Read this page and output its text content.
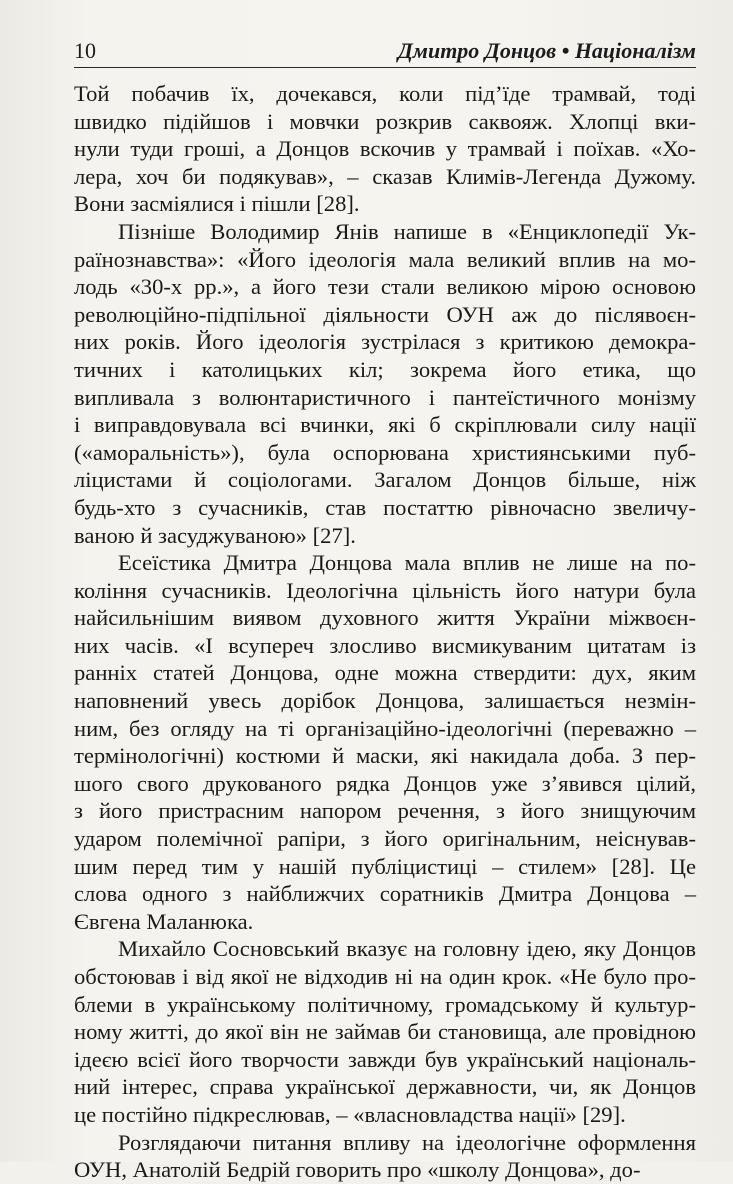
10	Дмитро Донцов • Націоналізм
Той побачив їх, дочекався, коли під’їде трамвай, тоді
швидко підійшов і мовчки розкрив саквояж. Хлопці вки-
нули туди гроші, а Донцов вскочив у трамвай і поїхав. «Хо-
лера, хоч би подякував», – сказав Климів-Легенда Дужому.
Вони засміялися і пішли [28].
Пізніше Володимир Янів напише в «Енциклопедії Ук-
раїнознавства»: «Його ідеологія мала великий вплив на мо-
лодь «30-х рр.», а його тези стали великою мірою основою
революційно-підпільної діяльности ОУН аж до післявоєн-
них років. Його ідеологія зустрілася з критикою демокра-
тичних і католицьких кіл; зокрема його етика, що
випливала з волюнтаристичного і пантеїстичного монізму
і виправдовувала всі вчинки, які б скріплювали силу нації
(«аморальність»), була оспорювана християнськими пуб-
ліцистами й соціологами. Загалом Донцов більше, ніж
будь-хто з сучасників, став постаттю рівночасно звеличу-
ваною й засуджуваною» [27].
Есеїстика Дмитра Донцова мала вплив не лише на по-
коління сучасників. Ідеологічна цільність його натури була
найсильнішим виявом духовного життя України міжвоєн-
них часів. «І всупереч злосливо висмикуваним цитатам із
ранніх статей Донцова, одне можна ствердити: дух, яким
наповнений увесь дорібок Донцова, залишається незмін-
ним, без огляду на ті організаційно-ідеологічні (переважно –
термінологічні) костюми й маски, які накидала доба. З пер-
шого свого друкованого рядка Донцов уже з’явився цілий,
з його пристрасним напором речення, з його знищуючим
ударом полемічної рапіри, з його оригінальним, неіснував-
шим перед тим у нашій публіцистиці – стилем» [28]. Це
слова одного з найближчих соратників Дмитра Донцова –
Євгена Маланюка.
Михайло Сосновський вказує на головну ідею, яку Донцов
обстоював і від якої не відходив ні на один крок. «Не було про-
блеми в українському політичному, громадському й культур-
ному житті, до якої він не займав би становища, але провідною
ідеєю всієї його творчости завжди був український національ-
ний інтерес, справа української державности, чи, як Донцов
це постійно підкреслював, – «власновладства нації» [29].
Розглядаючи питання впливу на ідеологічне оформлення
ОУН, Анатолій Бедрій говорить про «школу Донцова», до-
